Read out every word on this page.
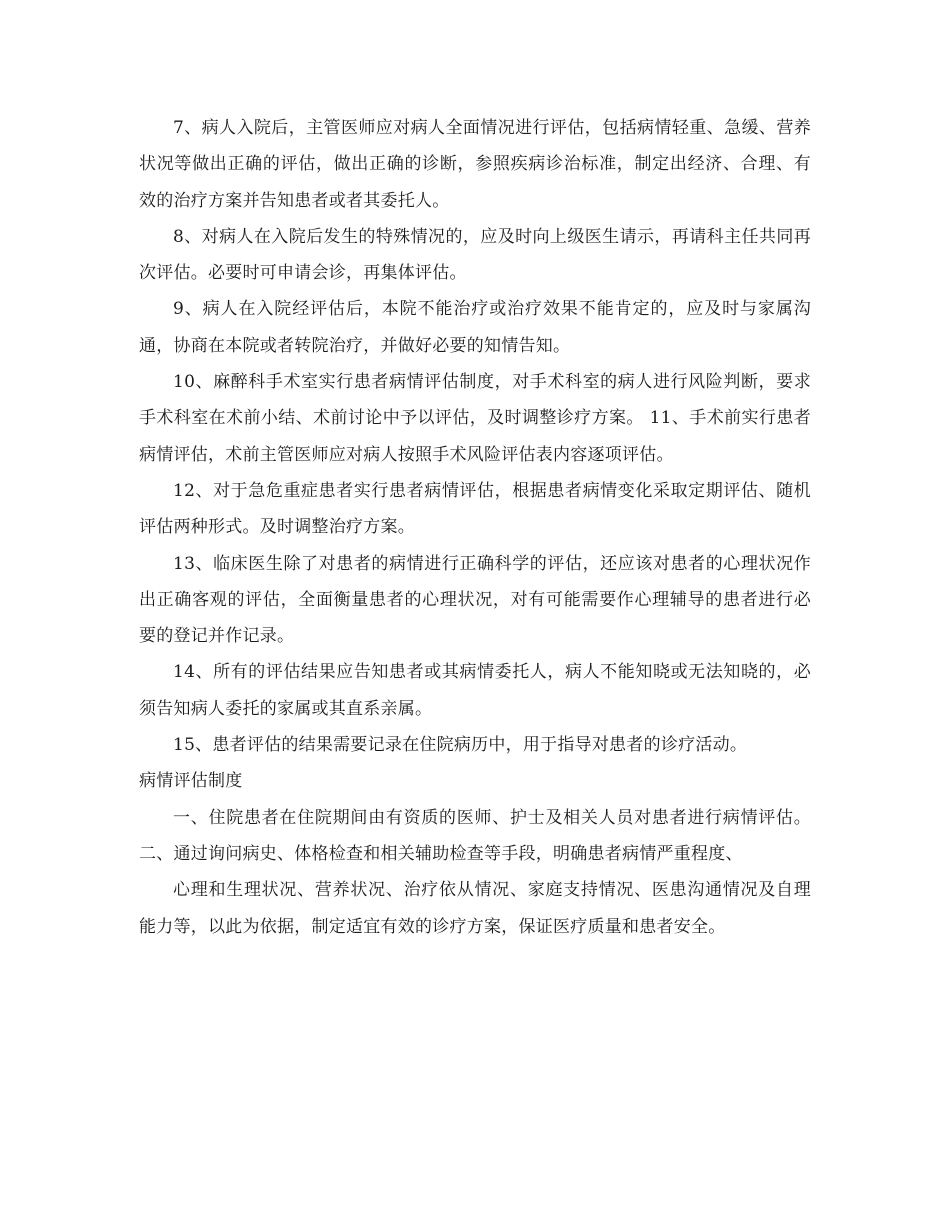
7、病人入院后，主管医师应对病人全面情况进行评估，包括病情轻重、急缓、营养状况等做出正确的评估，做出正确的诊断，参照疾病诊治标准，制定出经济、合理、有效的治疗方案并告知患者或者其委托人。

8、对病人在入院后发生的特殊情况的，应及时向上级医生请示，再请科主任共同再次评估。必要时可申请会诊，再集体评估。

9、病人在入院经评估后，本院不能治疗或治疗效果不能肯定的，应及时与家属沟通，协商在本院或者转院治疗，并做好必要的知情告知。

10、麻醉科手术室实行患者病情评估制度，对手术科室的病人进行风险判断，要求手术科室在术前小结、术前讨论中予以评估，及时调整诊疗方案。 11、手术前实行患者病情评估，术前主管医师应对病人按照手术风险评估表内容逐项评估。

12、对于急危重症患者实行患者病情评估，根据患者病情变化采取定期评估、随机评估两种形式。及时调整治疗方案。

13、临床医生除了对患者的病情进行正确科学的评估，还应该对患者的心理状况作出正确客观的评估，全面衡量患者的心理状况，对有可能需要作心理辅导的患者进行必要的登记并作记录。

14、所有的评估结果应告知患者或其病情委托人，病人不能知晓或无法知晓的，必须告知病人委托的家属或其直系亲属。

15、患者评估的结果需要记录在住院病历中，用于指导对患者的诊疗活动。

病情评估制度

一、住院患者在住院期间由有资质的医师、护士及相关人员对患者进行病情评估。 二、通过询问病史、体格检查和相关辅助检查等手段，明确患者病情严重程度、

心理和生理状况、营养状况、治疗依从情况、家庭支持情况、医患沟通情况及自理能力等，以此为依据，制定适宜有效的诊疗方案，保证医疗质量和患者安全。
